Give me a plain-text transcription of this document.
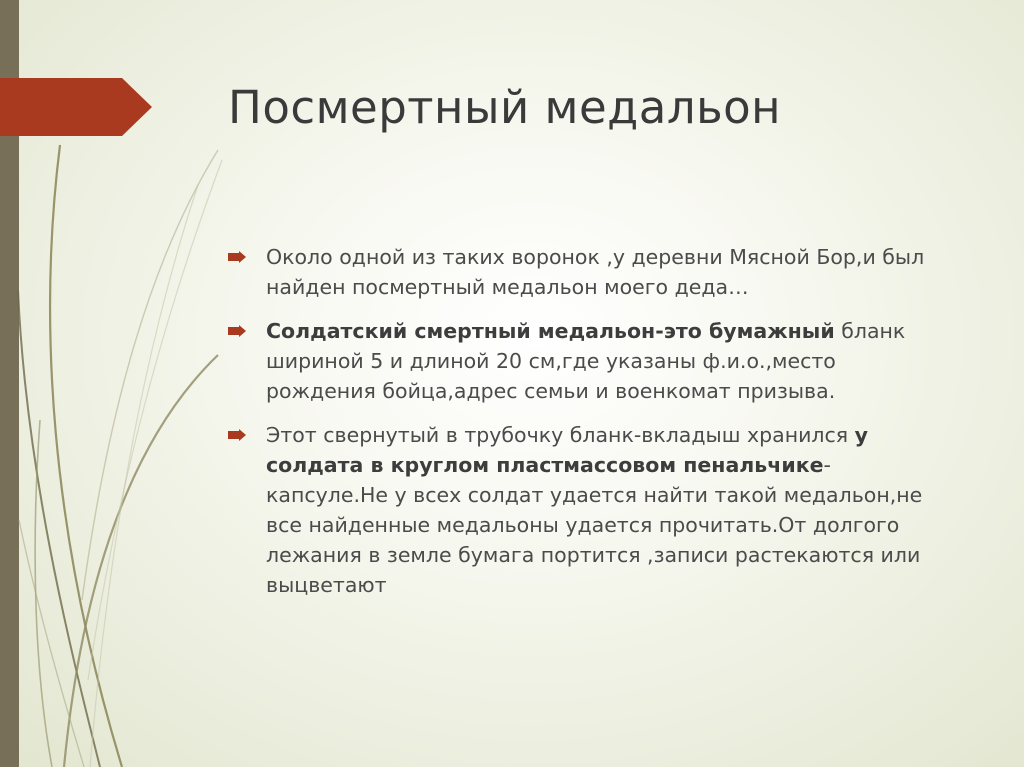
Посмертный медальон
Около одной из таких воронок ,у деревни Мясной Бор,и был найден посмертный медальон моего деда…
Солдатский смертный медальон-это бумажный бланк шириной 5 и длиной 20 см,где указаны ф.и.о.,место рождения бойца,адрес семьи и военкомат призыва.
Этот свернутый в трубочку бланк-вкладыш хранился у солдата в круглом пластмассовом пенальчике-капсуле.Не у всех солдат удается найти такой медальон,не все найденные медальоны удается прочитать.От долгого лежания в земле бумага портится ,записи растекаются или выцветают
